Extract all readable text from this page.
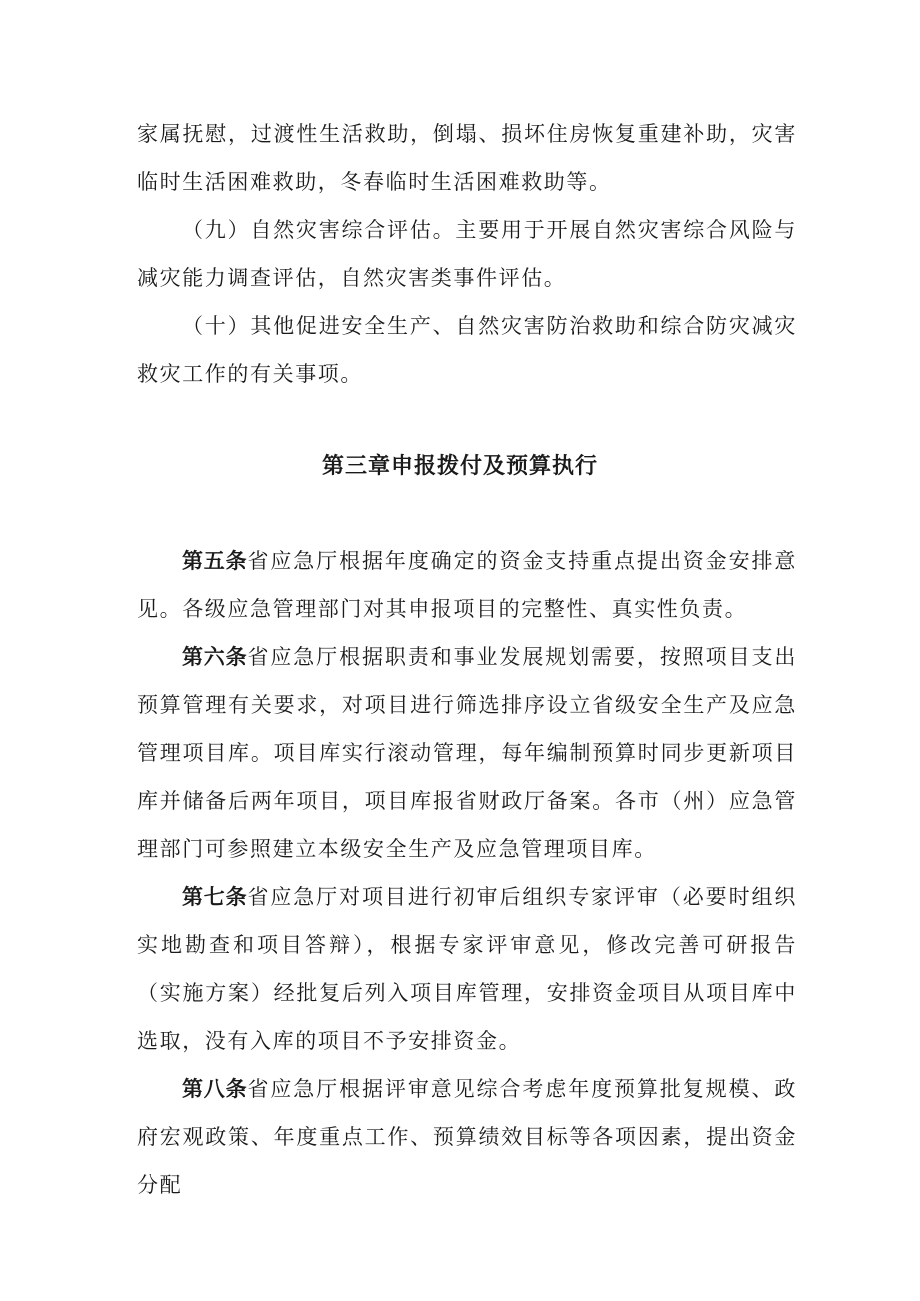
家属抚慰，过渡性生活救助，倒塌、损坏住房恢复重建补助，灾害临时生活困难救助，冬春临时生活困难救助等。

（九）自然灾害综合评估。主要用于开展自然灾害综合风险与减灾能力调查评估，自然灾害类事件评估。

（十）其他促进安全生产、自然灾害防治救助和综合防灾减灾救灾工作的有关事项。

第三章申报拨付及预算执行

第五条省应急厅根据年度确定的资金支持重点提出资金安排意见。各级应急管理部门对其申报项目的完整性、真实性负责。

第六条省应急厅根据职责和事业发展规划需要，按照项目支出预算管理有关要求，对项目进行筛选排序设立省级安全生产及应急管理项目库。项目库实行滚动管理，每年编制预算时同步更新项目库并储备后两年项目，项目库报省财政厅备案。各市（州）应急管理部门可参照建立本级安全生产及应急管理项目库。

第七条省应急厅对项目进行初审后组织专家评审（必要时组织实地勘查和项目答辩），根据专家评审意见，修改完善可研报告（实施方案）经批复后列入项目库管理，安排资金项目从项目库中选取，没有入库的项目不予安排资金。

第八条省应急厅根据评审意见综合考虑年度预算批复规模、政府宏观政策、年度重点工作、预算绩效目标等各项因素，提出资金分配
